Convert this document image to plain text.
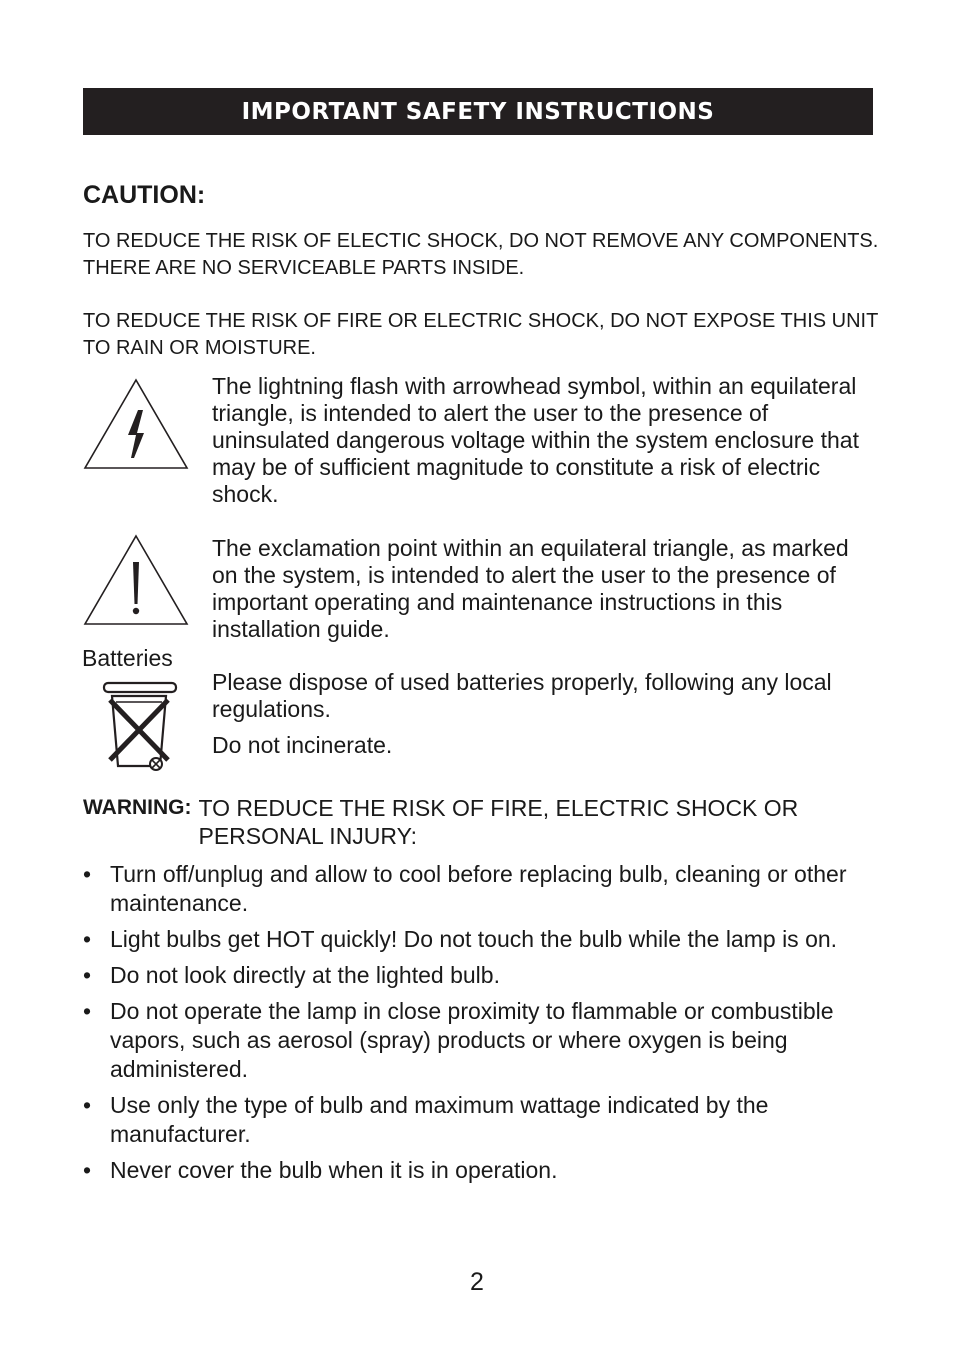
IMPORTANT SAFETY INSTRUCTIONS
CAUTION:
TO REDUCE THE RISK OF ELECTIC SHOCK, DO NOT REMOVE ANY COMPONENTS. THERE ARE NO SERVICEABLE PARTS INSIDE.
TO REDUCE THE RISK OF FIRE OR ELECTRIC SHOCK, DO NOT EXPOSE THIS UNIT TO RAIN OR MOISTURE.
The lightning flash with arrowhead symbol, within an equilateral triangle, is intended to alert the user to the presence of uninsulated dangerous voltage within the system enclosure that may be of sufficient magnitude to constitute a risk of electric shock.
The exclamation point within an equilateral triangle, as marked on the system, is intended to alert the user to the presence of important operating and maintenance instructions in this installation guide.
Batteries
Please dispose of used batteries properly, following any local regulations.
Do not incinerate.
WARNING: TO REDUCE THE RISK OF FIRE, ELECTRIC SHOCK OR PERSONAL INJURY:
• Turn off/unplug and allow to cool before replacing bulb, cleaning or other maintenance.
• Light bulbs get HOT quickly! Do not touch the bulb while the lamp is on.
• Do not look directly at the lighted bulb.
• Do not operate the lamp in close proximity to flammable or combustible vapors, such as aerosol (spray) products or where oxygen is being administered.
• Use only the type of bulb and maximum wattage indicated by the manufacturer.
• Never cover the bulb when it is in operation.
2
